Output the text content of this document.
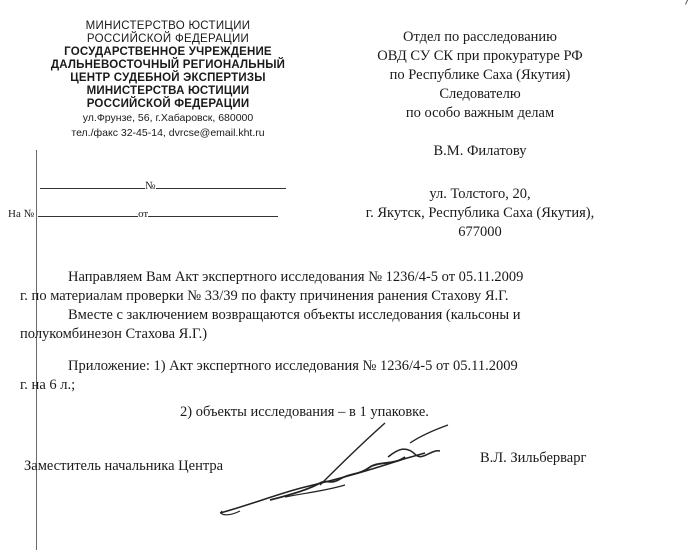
МИНИСТЕРСТВО ЮСТИЦИИ
РОССИЙСКОЙ ФЕДЕРАЦИИ
ГОСУДАРСТВЕННОЕ УЧРЕЖДЕНИЕ
ДАЛЬНЕВОСТОЧНЫЙ РЕГИОНАЛЬНЫЙ
ЦЕНТР СУДЕБНОЙ ЭКСПЕРТИЗЫ
МИНИСТЕРСТВА ЮСТИЦИИ
РОССИЙСКОЙ ФЕДЕРАЦИИ
ул.Фрунзе, 56, г.Хабаровск, 680000
тел./факс 32-45-14, dvrcse@email.kht.ru
№
На №	от
Отдел по расследованию
ОВД СУ СК при прокуратуре РФ
по Республике Саха (Якутия)
Следователю
по особо важным делам
В.М. Филатову
ул. Толстого, 20,
г. Якутск, Республика Саха (Якутия),
677000

Направляем Вам Акт экспертного исследования № 1236/4-5 от 05.11.2009

г. по материалам проверки № 33/39 по факту причинения ранения Стахову Я.Г.

Вместе с заключением возвращаются объекты исследования (кальсоны и

полукомбинезон Стахова Я.Г.)

Приложение: 1) Акт экспертного исследования № 1236/4-5 от 05.11.2009

г. на 6 л.;

2) объекты исследования – в 1 упаковке.

Заместитель начальника Центра	В.Л. Зильберварг
